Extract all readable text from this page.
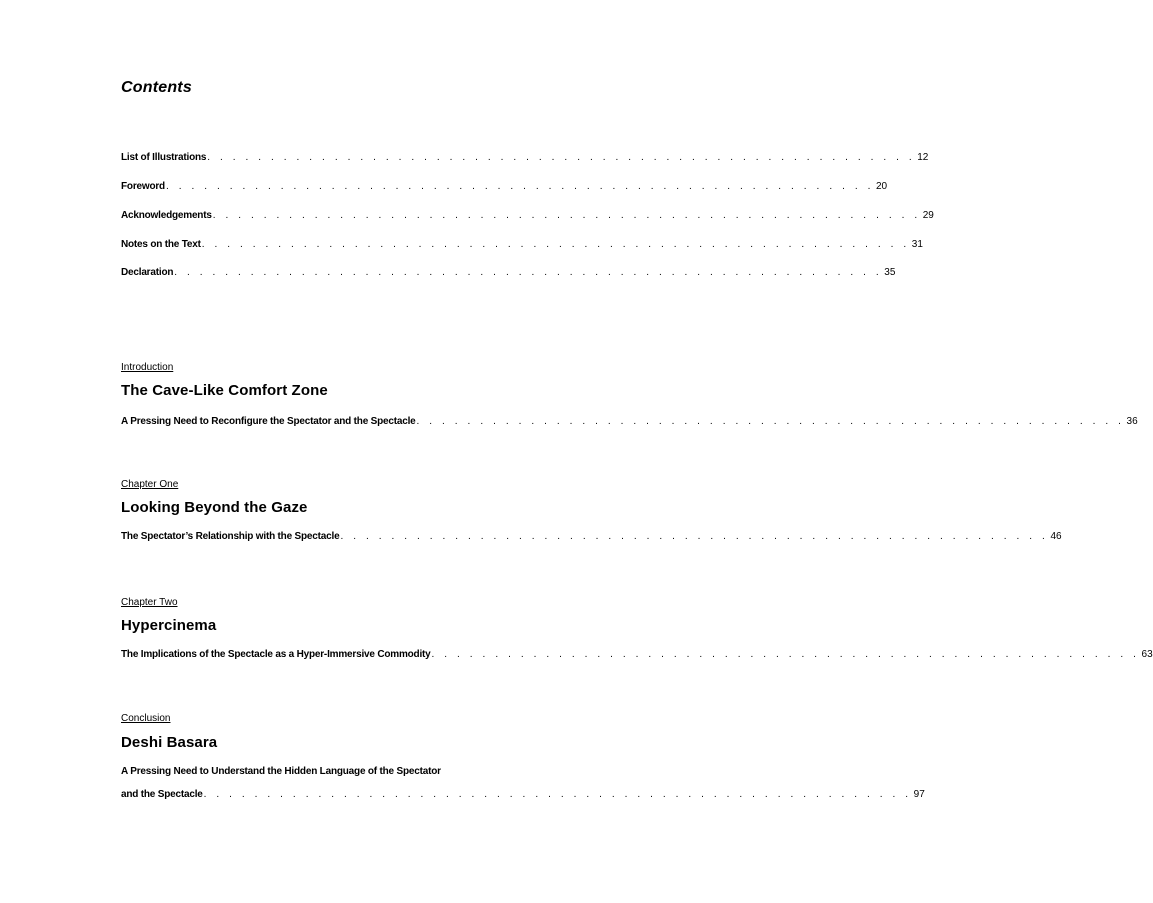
Contents
List of Illustrations . . . . . . . . . . . . . . . . . . . . . . . . . . . . . . . . . . . . . . . . . . . . . . . . . . . . . . . . 12
Foreword . . . . . . . . . . . . . . . . . . . . . . . . . . . . . . . . . . . . . . . . . . . . . . . . . . . . . . . . 20
Acknowledgements . . . . . . . . . . . . . . . . . . . . . . . . . . . . . . . . . . . . . . . . . . . . . . . . . . . . . . . . 29
Notes on the Text . . . . . . . . . . . . . . . . . . . . . . . . . . . . . . . . . . . . . . . . . . . . . . . . . . . . . . . . 31
Declaration . . . . . . . . . . . . . . . . . . . . . . . . . . . . . . . . . . . . . . . . . . . . . . . . . . . . . . . . 35
Introduction
The Cave-Like Comfort Zone
A Pressing Need to Reconfigure the Spectator and the Spectacle . . . . . . . . . . . . . . . . . . . . . . . . . . . . . . . . . . . . . . . . . . . . . . . . . . . . . . . . 36
Chapter One
Looking Beyond the Gaze
The Spectator’s Relationship with the Spectacle . . . . . . . . . . . . . . . . . . . . . . . . . . . . . . . . . . . . . . . . . . . . . . . . . . . . . . . . 46
Chapter Two
Hypercinema
The Implications of the Spectacle as a Hyper-Immersive Commodity . . . . . . . . . . . . . . . . . . . . . . . . . . . . . . . . . . . . . . . . . . . . . . . . . . . . . . . . 63
Conclusion
Deshi Basara
A Pressing Need to Understand the Hidden Language of the Spectator
and the Spectacle . . . . . . . . . . . . . . . . . . . . . . . . . . . . . . . . . . . . . . . . . . . . . . . . . . . . . . . . 97
